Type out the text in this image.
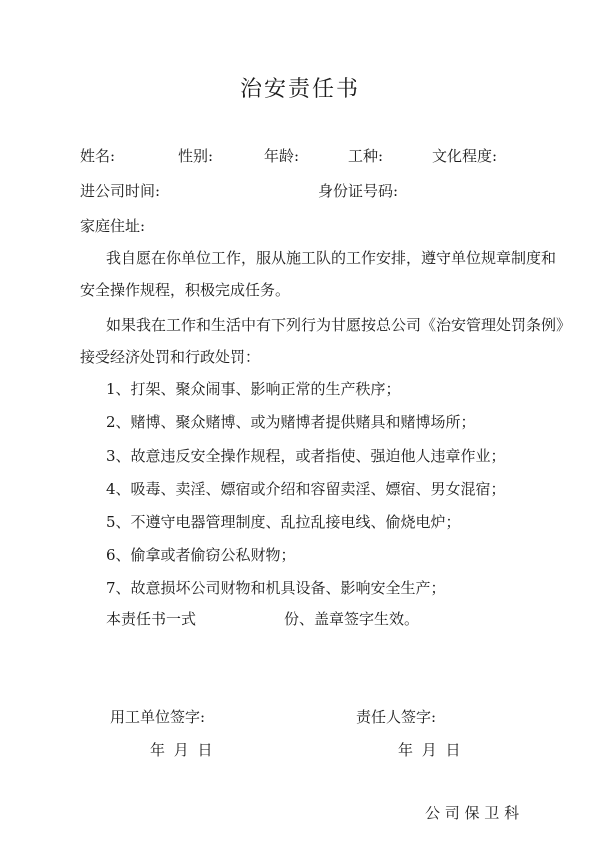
治安责任书
姓名:	性别:	年龄:	工种:	文化程度:
进公司时间:	身份证号码:
家庭住址:
我自愿在你单位工作，服从施工队的工作安排，遵守单位规章制度和
安全操作规程，积极完成任务。
如果我在工作和生活中有下列行为甘愿按总公司《治安管理处罚条例》
接受经济处罚和行政处罚：
1、打架、聚众闹事、影响正常的生产秩序；
2、赌博、聚众赌博、或为赌博者提供赌具和赌博场所；
3、故意违反安全操作规程，或者指使、强迫他人违章作业；
4、吸毒、卖淫、嫖宿或介绍和容留卖淫、嫖宿、男女混宿；
5、不遵守电器管理制度、乱拉乱接电线、偷烧电炉；
6、偷拿或者偷窃公私财物；
7、故意损坏公司财物和机具设备、影响安全生产；
本责任书一式	份、盖章签字生效。
用工单位签字:	责任人签字:
年 月 日	年 月 日
公 司 保 卫 科
